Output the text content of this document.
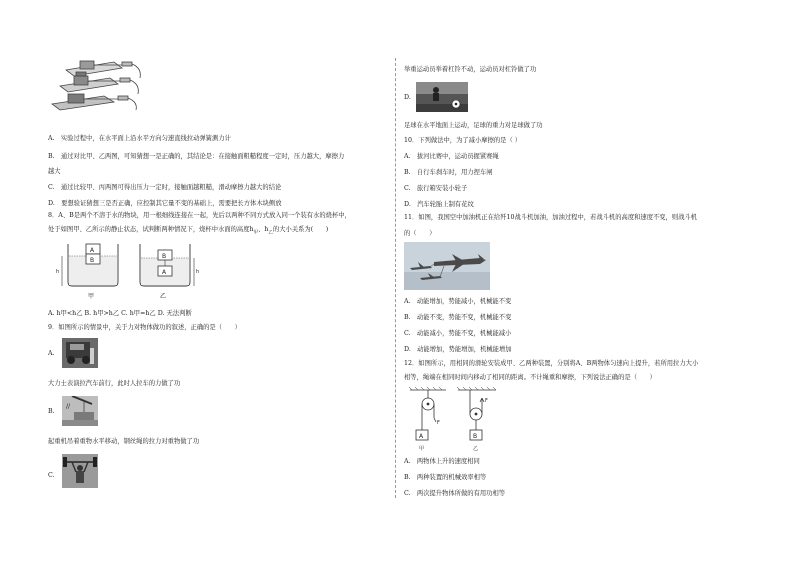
A.　实验过程中，在水平面上沿水平方向匀速直线拉动弹簧测力计
B.　通过对比甲、乙两图，可知猜想一是正确的，其结论是：在接触面粗糙程度一定时，压力越大，摩擦力
越大
C.　通过比较甲、丙两图可得出压力一定时，接触面越粗糙，滑动摩擦力越大的结论
D.　要想验证猜想三是否正确，应控制其它量不变的基础上，需要把长方体木块侧放
8．A、B是两个不溶于水的物块，用一根细线连接在一起，先后以两种不同方式放入同一个装有水的烧杯中，
处于如图甲、乙所示的静止状态，试判断两种情况下，烧杯中水面的高度$h_甲$、$h_乙$的大小关系为(　　)
A
B
h
甲
B
A	h
乙
A. h甲<h乙 B. h甲>h乙 C. h甲=h乙 D. 无法判断
9．如图所示的情景中，关于力对物体做功的叙述，正确的是（　　）
A.
大力士表演拉汽车前行，此时人拉车的力做了功
B.
//
起重机吊着重物水平移动，钢丝绳的拉力对重物做了功
C.
举重运动员举着杠铃不动，运动员对杠铃做了功
D.
足球在水平地面上运动，足球的重力对足球做了功
10．下列做法中，为了减小摩擦的是（ ）
A.　拔河比赛中，运动员握紧赛绳
B.　自行车刹车时，用力捏车闸
C.　旅行箱安装小轮子
D.　汽车轮胎上制有花纹
11．如图，我国空中加油机正在给歼10战斗机加油，加油过程中，若战斗机的高度和速度不变，则战斗机
的（　　）
A.　动能增加，势能减小，机械能不变
B.　动能不变，势能不变，机械能不变
C.　动能减小，势能不变，机械能减小
D.　动能增加，势能增加，机械能增加
12．如图所示，用相同的滑轮安装成甲、乙两种装置，分别将A、B两物体匀速向上提升，若所用拉力大小
相等，绳端在相同时间内移动了相同的距离。不计绳重和摩擦，下列说法正确的是（　　）
F
A
甲
F
B
乙
A.　两物体上升的速度相同
B.　两种装置的机械效率相等
C.　两次提升物体所做的有用功相等
